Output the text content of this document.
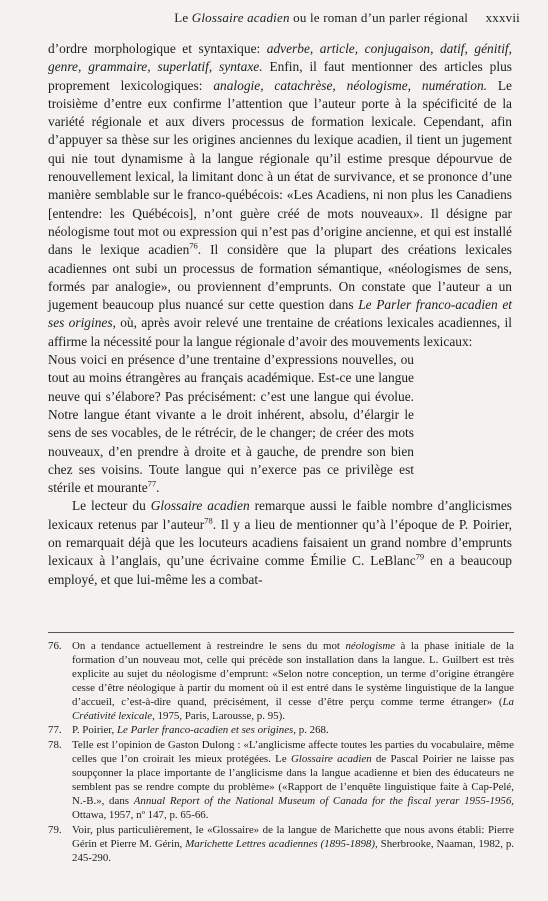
Le Glossaire acadien ou le roman d’un parler régional xxxvii

d’ordre morphologique et syntaxique: adverbe, article, conjugaison, datif, génitif, genre, grammaire, superlatif, syntaxe. Enfin, il faut mentionner des articles plus proprement lexicologiques: analogie, catachrèse, néologisme, numération. Le troisième d’entre eux confirme l’attention que l’auteur porte à la spécificité de la variété régionale et aux divers processus de formation lexicale. Cependant, afin d’appuyer sa thèse sur les origines anciennes du lexique acadien, il tient un jugement qui nie tout dynamisme à la langue régionale qu’il estime presque dépourvue de renouvellement lexical, la limitant donc à un état de survivance, et se prononce d’une manière semblable sur le franco-québécois: «Les Acadiens, ni non plus les Canadiens [entendre: les Québécois], n’ont guère créé de mots nouveaux». Il désigne par néologisme tout mot ou expression qui n’est pas d’origine ancienne, et qui est installé dans le lexique acadien$^{76}$. Il considère que la plupart des créations lexicales acadiennes ont subi un processus de formation sémantique, «néologismes de sens, formés par analogie», ou proviennent d’emprunts. On constate que l’auteur a un jugement beaucoup plus nuancé sur cette question dans Le Parler franco-acadien et ses origines, où, après avoir relevé une trentaine de créations lexicales acadiennes, il affirme la nécessité pour la langue régionale d’avoir des mouvements lexicaux:

Nous voici en présence d’une trentaine d’expressions nouvelles, ou tout au moins étrangères au français académique. Est-ce une langue neuve qui s’élabore? Pas précisément: c’est une langue qui évolue. Notre langue étant vivante a le droit inhérent, absolu, d’élargir le sens de ses vocables, de le rétrécir, de le changer; de créer des mots nouveaux, d’en prendre à droite et à gauche, de prendre son bien chez ses voisins. Toute langue qui n’exerce pas ce privilège est stérile et mourante$^{77}$.

Le lecteur du Glossaire acadien remarque aussi le faible nombre d’anglicismes lexicaux retenus par l’auteur$^{78}$. Il y a lieu de mentionner qu’à l’époque de P. Poirier, on remarquait déjà que les locuteurs acadiens faisaient un grand nombre d’emprunts lexicaux à l’anglais, qu’une écrivaine comme Émilie C. LeBlanc$^{79}$ en a beaucoup employé, et que lui-même les a combat-

76. On a tendance actuellement à restreindre le sens du mot néologisme à la phase initiale de la formation d’un nouveau mot, celle qui précède son installation dans la langue. L. Guilbert est très explicite au sujet du néologisme d’emprunt: «Selon notre conception, un terme d’origine étrangère cesse d’être néologique à partir du moment où il est entré dans le système linguistique de la langue d’accueil, c’est-à-dire quand, précisément, il cesse d’être perçu comme terme étranger» (La Créativité lexicale, 1975, Paris, Larousse, p. 95).
77. P. Poirier, Le Parler franco-acadien et ses origines, p. 268.
78. Telle est l’opinion de Gaston Dulong : «L’anglicisme affecte toutes les parties du vocabulaire, même celles que l’on croirait les mieux protégées. Le Glossaire acadien de Pascal Poirier ne laisse pas soupçonner la place importante de l’anglicisme dans la langue acadienne et bien des éducateurs ne semblent pas se rendre compte du problème» («Rapport de l’enquête linguistique faite à Cap-Pelé, N.-B.», dans Annual Report of the National Museum of Canada for the fiscal yerar 1955-1956, Ottawa, 1957, nº 147, p. 65-66.
79. Voir, plus particulièrement, le «Glossaire» de la langue de Marichette que nous avons établi: Pierre Gérin et Pierre M. Gérin, Marichette Lettres acadiennes (1895-1898), Sherbrooke, Naaman, 1982, p. 245-290.
